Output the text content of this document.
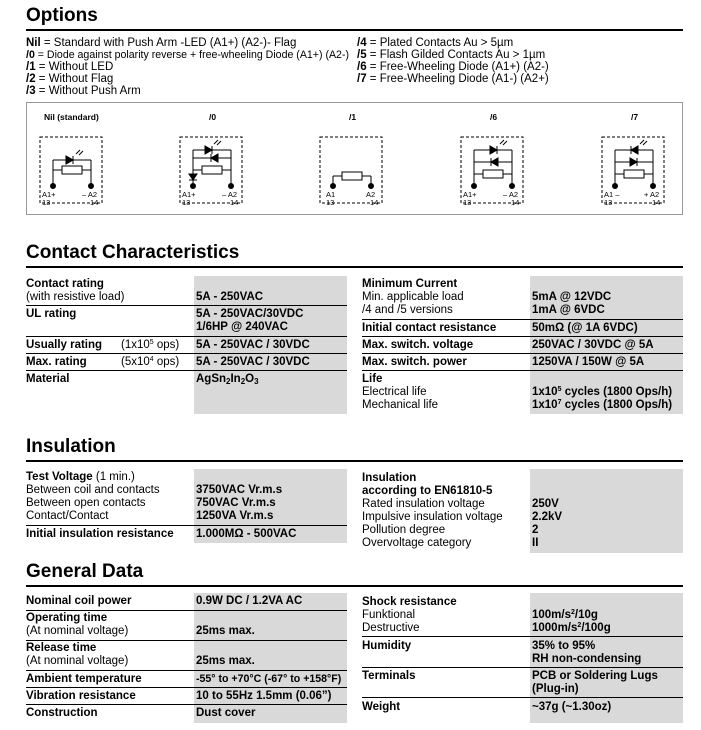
Options
Nil = Standard with Push Arm -LED (A1+) (A2-)- Flag
/0 = Diode against polarity reverse + free-wheeling Diode (A1+) (A2-)
/1 = Without LED
/2 = Without Flag
/3 = Without Push Arm
/4 = Plated Contacts Au > 5µm
/5 = Flash Gilded Contacts Au > 1µm
/6 = Free-Wheeling Diode (A1+) (A2-)
/7 = Free-Wheeling Diode (A1-) (A2+)
Nil (standard)	/0	/1	/6	/7
A1+
13
– A2
14
A1+
13
– A2
14
A1
13
A2
14
A1+
13
– A2
14
A1 –
13
+ A2
14
Contact Characteristics
Contact rating
(with resistive load)	5A - 250VAC
UL rating	5A - 250VAC/30VDC
1/6HP @ 240VAC
Usually rating ($1x10^5$ ops) 5A - 250VAC / 30VDC
Max. rating	($5x10^4$ ops) 5A - 250VAC / 30VDC
Material	$AgSn_2In_2O_3$
Minimum Current
Min. applicable load	5mA @ 12VDC
/4 and /5 versions	1mA @ 6VDC
Initial contact resistance	50mΩ (@ 1A 6VDC)
Max. switch. voltage	250VAC / 30VDC @ 5A
Max. switch. power	1250VA / 150W @ 5A
Life
Electrical life	$1x10^5$ cycles (1800 Ops/h)
Mechanical life	$1x10^7$ cycles (1800 Ops/h)
Insulation
Test Voltage (1 min.)
Between coil and contacts	3750VAC Vr.m.s
Between open contacts	750VAC Vr.m.s
Contact/Contact	1250VA Vr.m.s
Initial insulation resistance 1.000MΩ - 500VAC
Insulation
according to EN61810-5
Rated insulation voltage	250V
Impulsive insulation voltage	2.2kV
Pollution degree	2
Overvoltage category	II
General Data
Nominal coil power	0.9W DC / 1.2VA AC
Operating time
(At nominal voltage)	25ms max.
Release time
(At nominal voltage)	25ms max.
Ambient temperature	-55° to +70°C (-67° to +158°F)
Vibration resistance	10 to 55Hz 1.5mm (0.06”)
Construction	Dust cover
Shock resistance
Funktional	$100m/s^2/10g$
Destructive	$1000m/s^2/100g$
Humidity	35% to 95%
RH non-condensing
Terminals	PCB or Soldering Lugs
(Plug-in)
Weight	~37g (~1.30oz)
